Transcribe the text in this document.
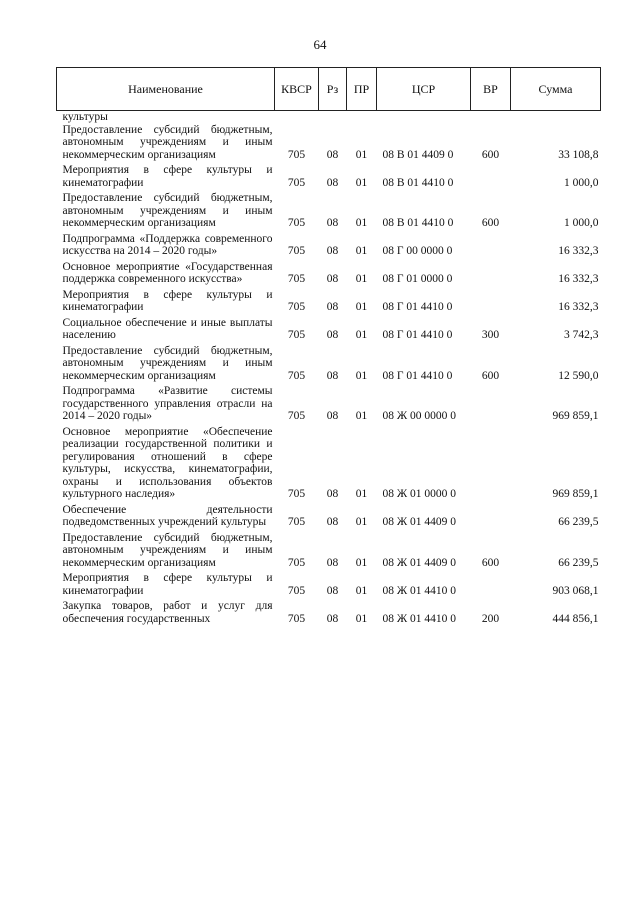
64
Наименование	КВСР	Рз	ПР	ЦСР	ВР	Сумма
культуры						
Предоставление субсидий бюджетным, автономным учреждениям и иным некоммерческим организациям	705	08	01	08 В 01 4409 0	600	33 108,8
Мероприятия в сфере культуры и кинематографии	705	08	01	08 В 01 4410 0		1 000,0
Предоставление субсидий бюджетным, автономным учреждениям и иным некоммерческим организациям	705	08	01	08 В 01 4410 0	600	1 000,0
Подпрограмма «Поддержка современного искусства на 2014 – 2020 годы»	705	08	01	08 Г 00 0000 0		16 332,3
Основное мероприятие «Государственная поддержка современного искусства»	705	08	01	08 Г 01 0000 0		16 332,3
Мероприятия в сфере культуры и кинематографии	705	08	01	08 Г 01 4410 0		16 332,3
Социальное обеспечение и иные выплаты населению	705	08	01	08 Г 01 4410 0	300	3 742,3
Предоставление субсидий бюджетным, автономным учреждениям и иным некоммерческим организациям	705	08	01	08 Г 01 4410 0	600	12 590,0
Подпрограмма «Развитие системы государственного управления отрасли на 2014 – 2020 годы»	705	08	01	08 Ж 00 0000 0		969 859,1
Основное мероприятие «Обеспечение реализации государственной политики и регулирования отношений в сфере культуры, искусства, кинематографии, охраны и использования объектов культурного наследия»	705	08	01	08 Ж 01 0000 0		969 859,1
Обеспечение деятельности подведомственных учреждений культуры	705	08	01	08 Ж 01 4409 0		66 239,5
Предоставление субсидий бюджетным, автономным учреждениям и иным некоммерческим организациям	705	08	01	08 Ж 01 4409 0	600	66 239,5
Мероприятия в сфере культуры и кинематографии	705	08	01	08 Ж 01 4410 0		903 068,1
Закупка товаров, работ и услуг для обеспечения государственных	705	08	01	08 Ж 01 4410 0	200	444 856,1
